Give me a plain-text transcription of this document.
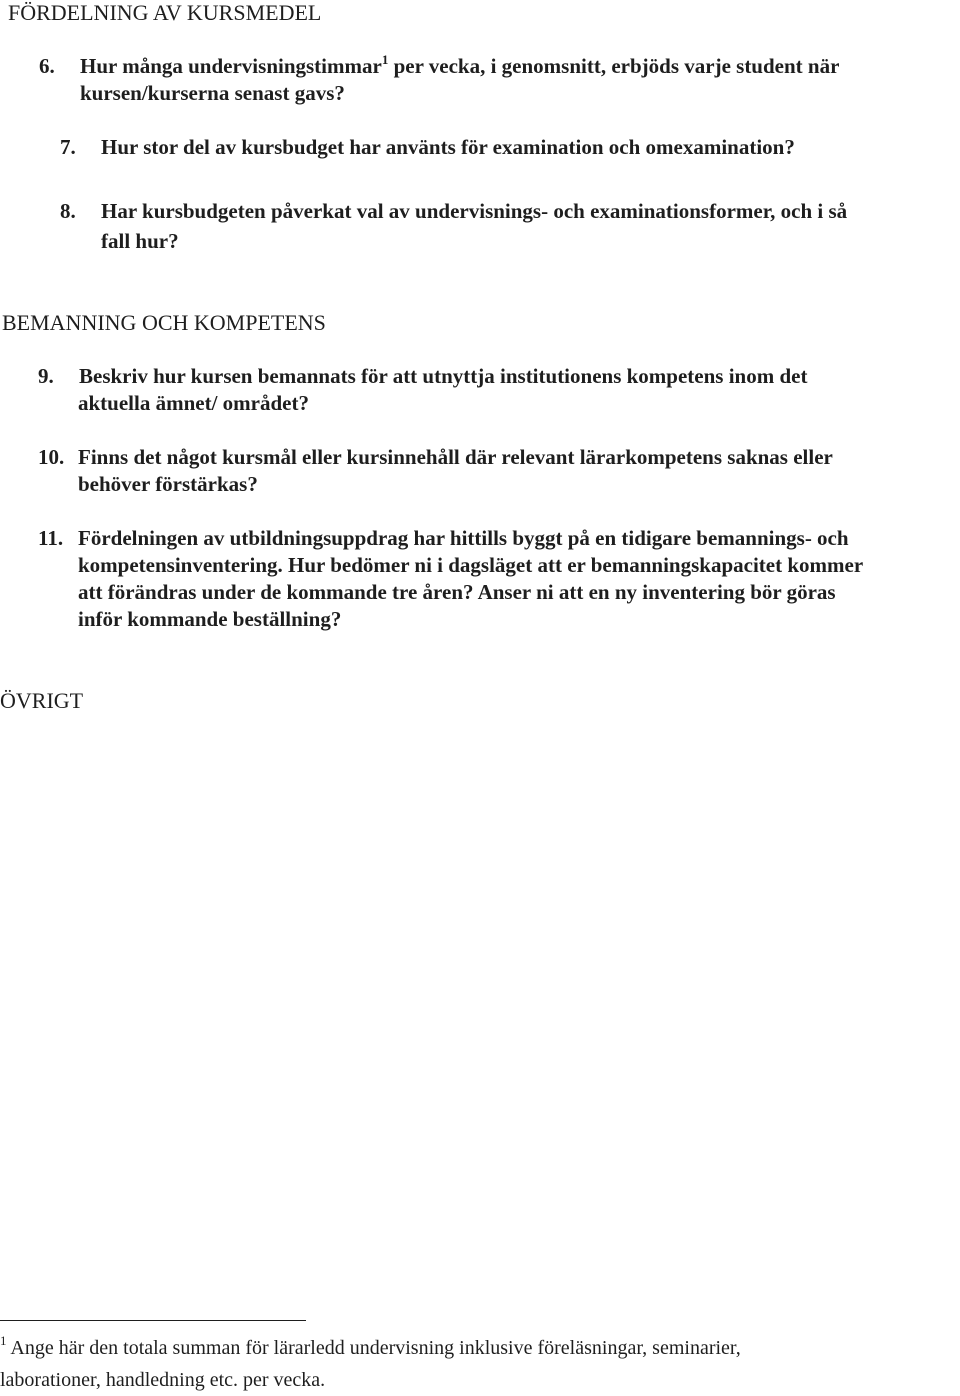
FÖRDELNING AV KURSMEDEL
6. Hur många undervisningstimmar$^1$ per vecka, i genomsnitt, erbjöds varje student när
kursen/kurserna senast gavs?
7. Hur stor del av kursbudget har använts för examination och omexamination?
8. Har kursbudgeten påverkat val av undervisnings- och examinationsformer, och i så
fall hur?
BEMANNING OCH KOMPETENS
9. Beskriv hur kursen bemannats för att utnyttja institutionens kompetens inom det
aktuella ämnet/ området?
10. Finns det något kursmål eller kursinnehåll där relevant lärarkompetens saknas eller
behöver förstärkas?
11. Fördelningen av utbildningsuppdrag har hittills byggt på en tidigare bemannings- och
kompetensinventering. Hur bedömer ni i dagsläget att er bemanningskapacitet kommer
att förändras under de kommande tre åren? Anser ni att en ny inventering bör göras
inför kommande beställning?
ÖVRIGT
$^1$ Ange här den totala summan för lärarledd undervisning inklusive föreläsningar, seminarier,
laborationer, handledning etc. per vecka.
